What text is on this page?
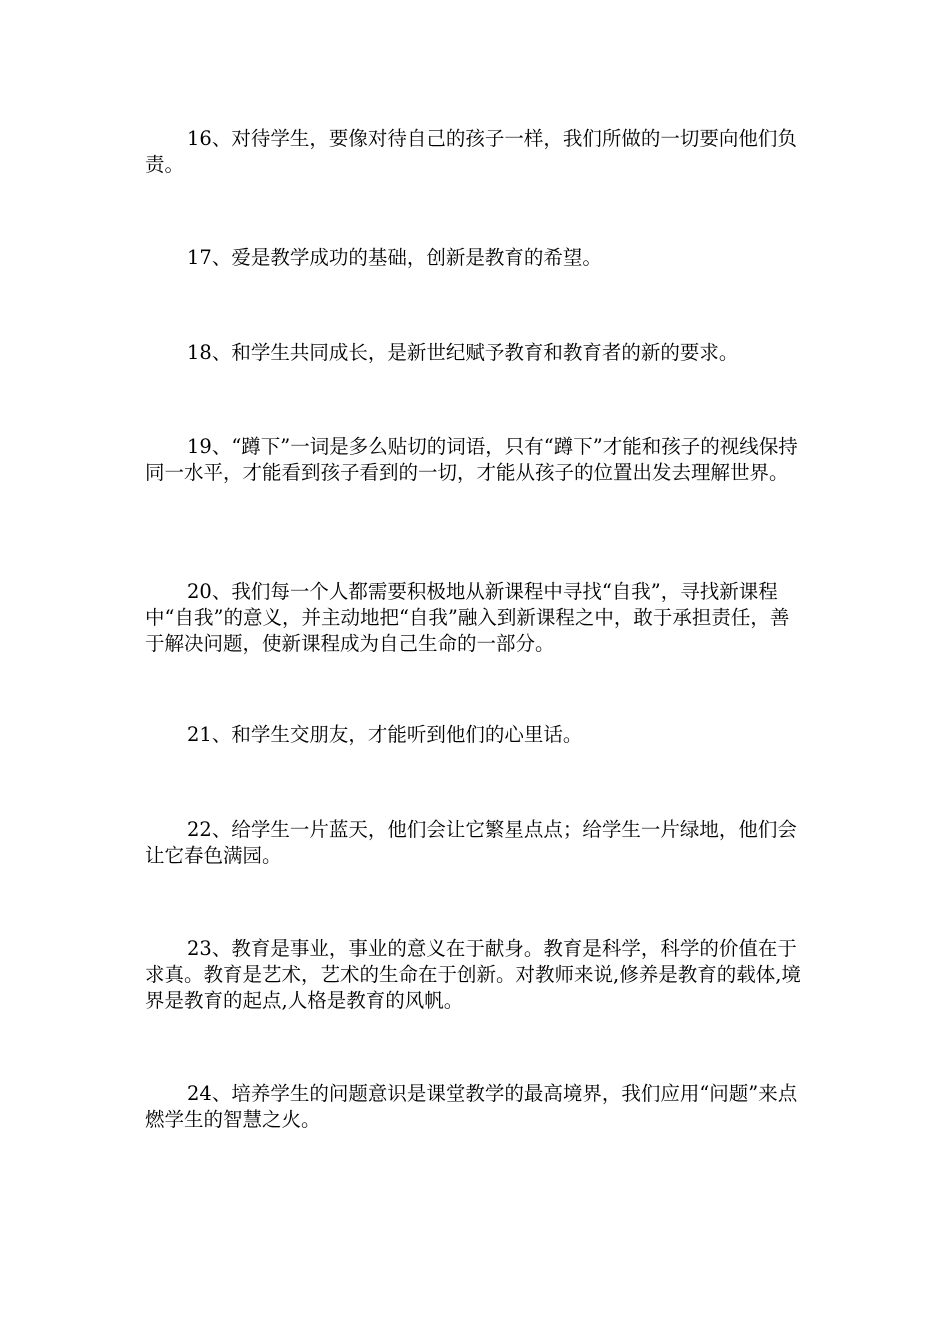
16、对待学生，要像对待自己的孩子一样，我们所做的一切要向他们负责。

17、爱是教学成功的基础，创新是教育的希望。

18、和学生共同成长，是新世纪赋予教育和教育者的新的要求。

19、“蹲下”一词是多么贴切的词语，只有“蹲下”才能和孩子的视线保持同一水平，才能看到孩子看到的一切，才能从孩子的位置出发去理解世界。

20、我们每一个人都需要积极地从新课程中寻找“自我”，寻找新课程中“自我”的意义，并主动地把“自我”融入到新课程之中，敢于承担责任，善于解决问题，使新课程成为自己生命的一部分。

21、和学生交朋友，才能听到他们的心里话。

22、给学生一片蓝天，他们会让它繁星点点；给学生一片绿地，他们会让它春色满园。

23、教育是事业，事业的意义在于献身。教育是科学，科学的价值在于求真。教育是艺术，艺术的生命在于创新。对教师来说,修养是教育的载体,境界是教育的起点,人格是教育的风帆。

24、培养学生的问题意识是课堂教学的最高境界，我们应用“问题”来点燃学生的智慧之火。
